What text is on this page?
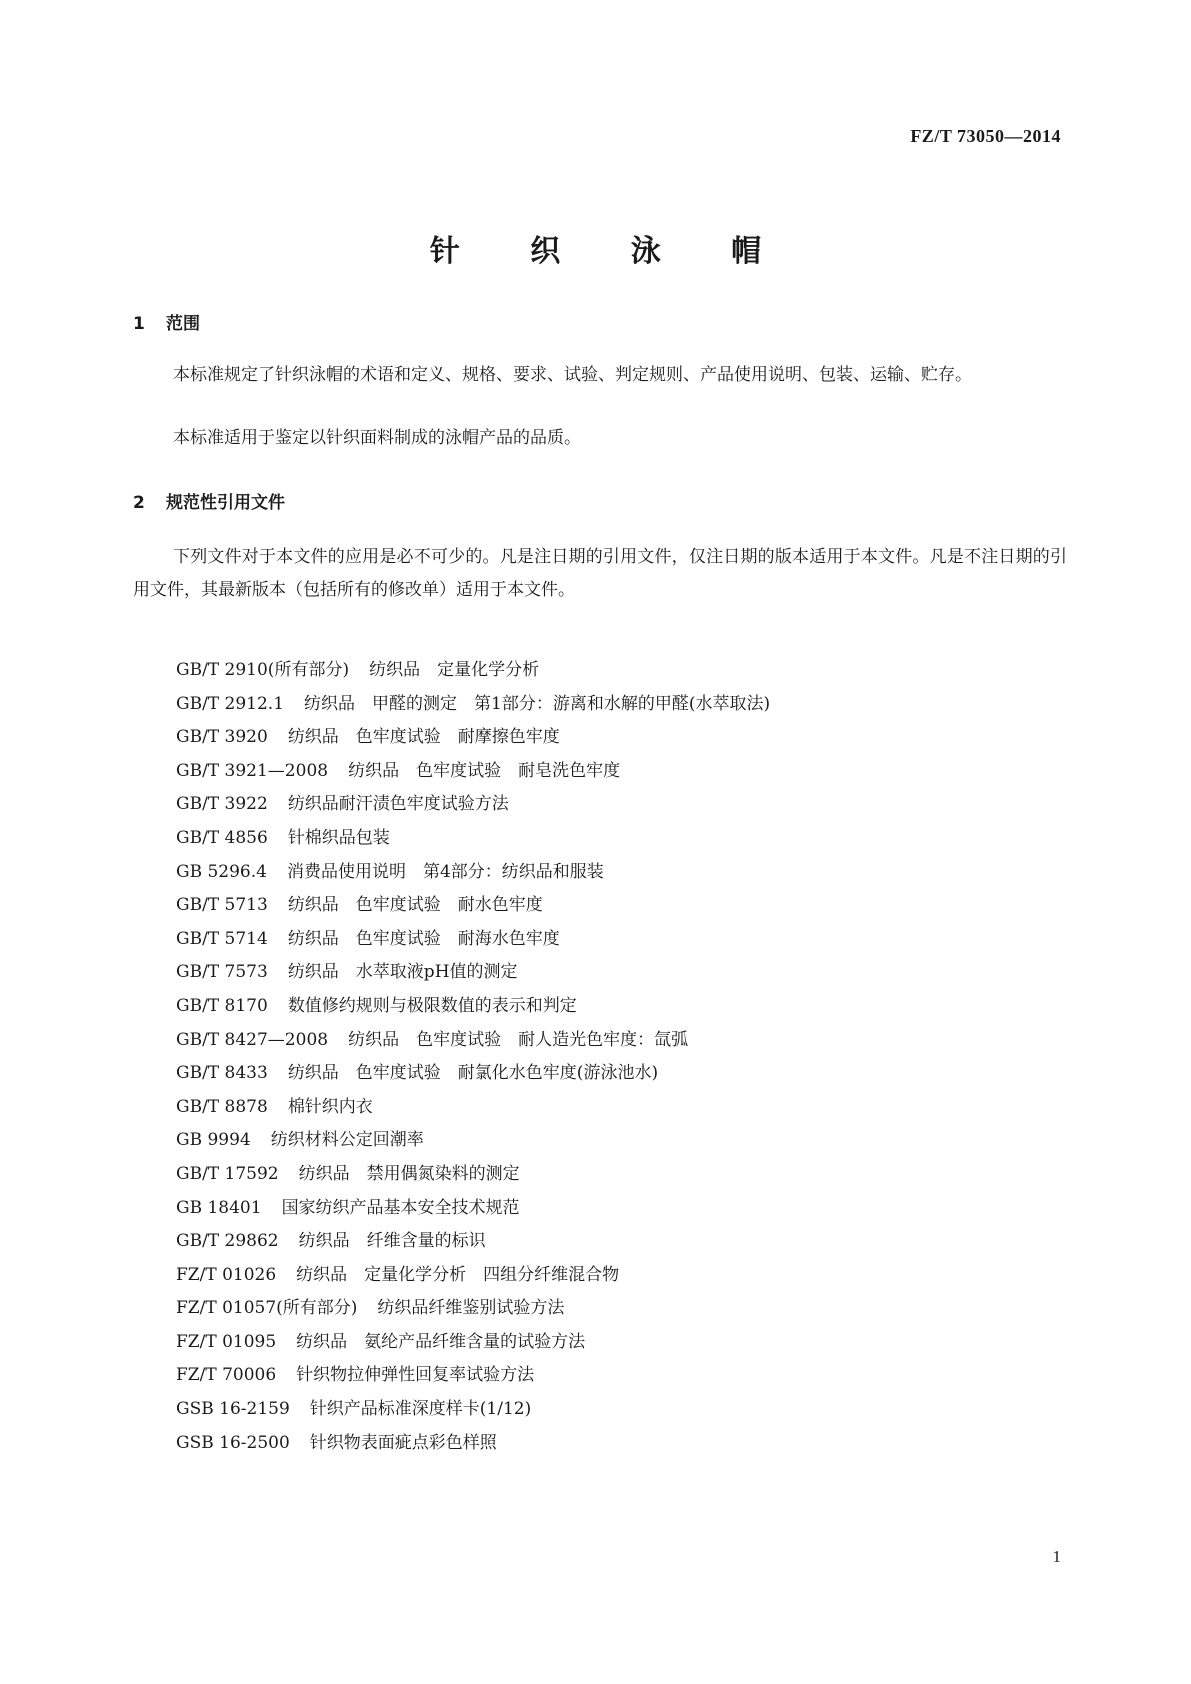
FZ/T 73050—2014
针 织 泳 帽
1 范围

本标准规定了针织泳帽的术语和定义、规格、要求、试验、判定规则、产品使用说明、包装、运输、贮存。

本标准适用于鉴定以针织面料制成的泳帽产品的品质。

2 规范性引用文件

下列文件对于本文件的应用是必不可少的。凡是注日期的引用文件，仅注日期的版本适用于本文件。凡是不注日期的引用文件，其最新版本（包括所有的修改单）适用于本文件。

GB/T 2910(所有部分) 纺织品　定量化学分析
GB/T 2912.1 纺织品　甲醛的测定　第1部分：游离和水解的甲醛(水萃取法)
GB/T 3920 纺织品　色牢度试验　耐摩擦色牢度
GB/T 3921—2008 纺织品　色牢度试验　耐皂洗色牢度
GB/T 3922 纺织品耐汗渍色牢度试验方法
GB/T 4856 针棉织品包装
GB 5296.4 消费品使用说明　第4部分：纺织品和服装
GB/T 5713 纺织品　色牢度试验　耐水色牢度
GB/T 5714 纺织品　色牢度试验　耐海水色牢度
GB/T 7573 纺织品　水萃取液pH值的测定
GB/T 8170 数值修约规则与极限数值的表示和判定
GB/T 8427—2008 纺织品　色牢度试验　耐人造光色牢度：氙弧
GB/T 8433 纺织品　色牢度试验　耐氯化水色牢度(游泳池水)
GB/T 8878 棉针织内衣
GB 9994 纺织材料公定回潮率
GB/T 17592 纺织品　禁用偶氮染料的测定
GB 18401 国家纺织产品基本安全技术规范
GB/T 29862 纺织品　纤维含量的标识
FZ/T 01026 纺织品　定量化学分析　四组分纤维混合物
FZ/T 01057(所有部分) 纺织品纤维鉴别试验方法
FZ/T 01095 纺织品　氨纶产品纤维含量的试验方法
FZ/T 70006 针织物拉伸弹性回复率试验方法
GSB 16-2159 针织产品标准深度样卡(1/12)
GSB 16-2500 针织物表面疵点彩色样照
1
